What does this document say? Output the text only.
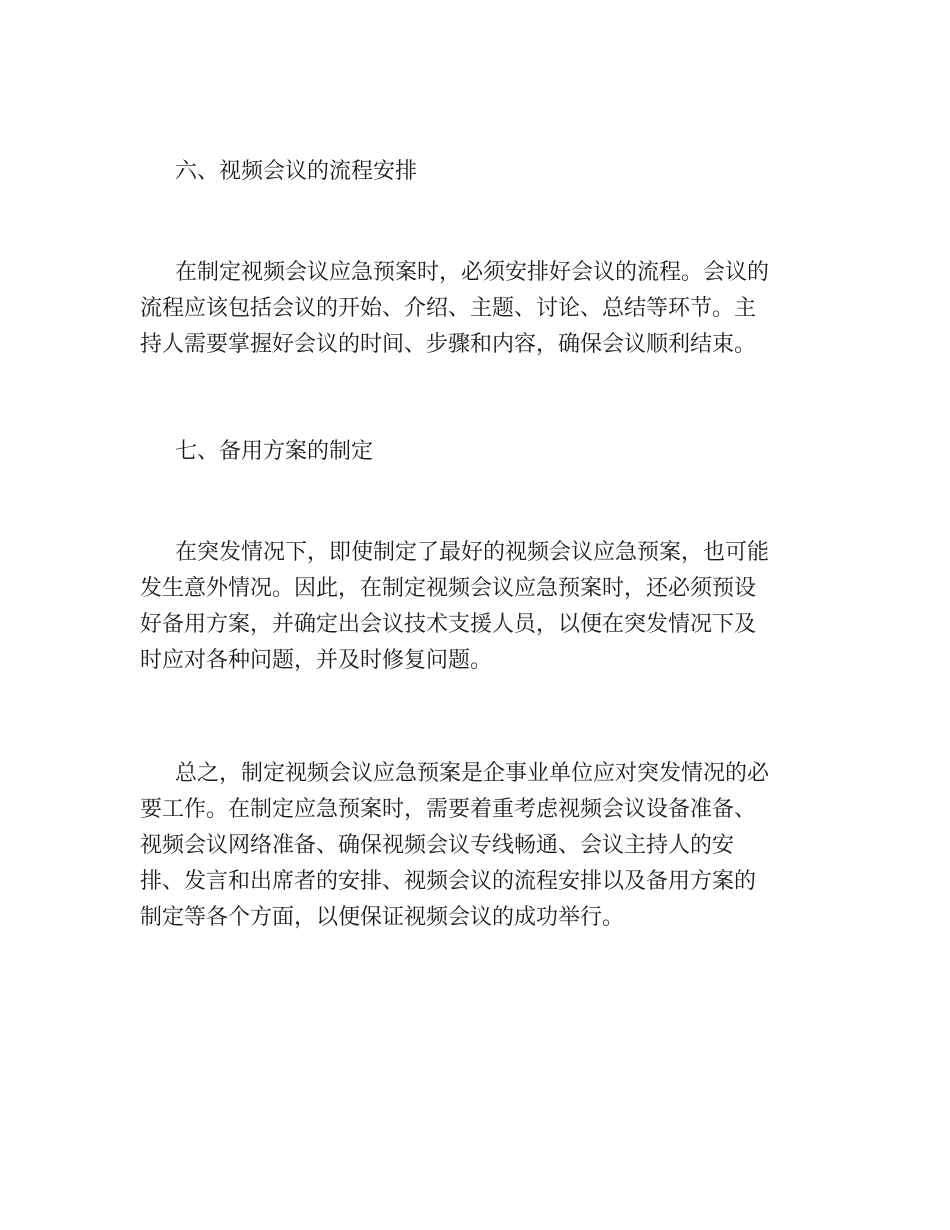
六、视频会议的流程安排
在制定视频会议应急预案时，必须安排好会议的流程。会议的
流程应该包括会议的开始、介绍、主题、讨论、总结等环节。主
持人需要掌握好会议的时间、步骤和内容，确保会议顺利结束。
七、备用方案的制定
在突发情况下，即使制定了最好的视频会议应急预案，也可能
发生意外情况。因此，在制定视频会议应急预案时，还必须预设
好备用方案，并确定出会议技术支援人员，以便在突发情况下及
时应对各种问题，并及时修复问题。
总之，制定视频会议应急预案是企事业单位应对突发情况的必
要工作。在制定应急预案时，需要着重考虑视频会议设备准备、
视频会议网络准备、确保视频会议专线畅通、会议主持人的安
排、发言和出席者的安排、视频会议的流程安排以及备用方案的
制定等各个方面，以便保证视频会议的成功举行。
